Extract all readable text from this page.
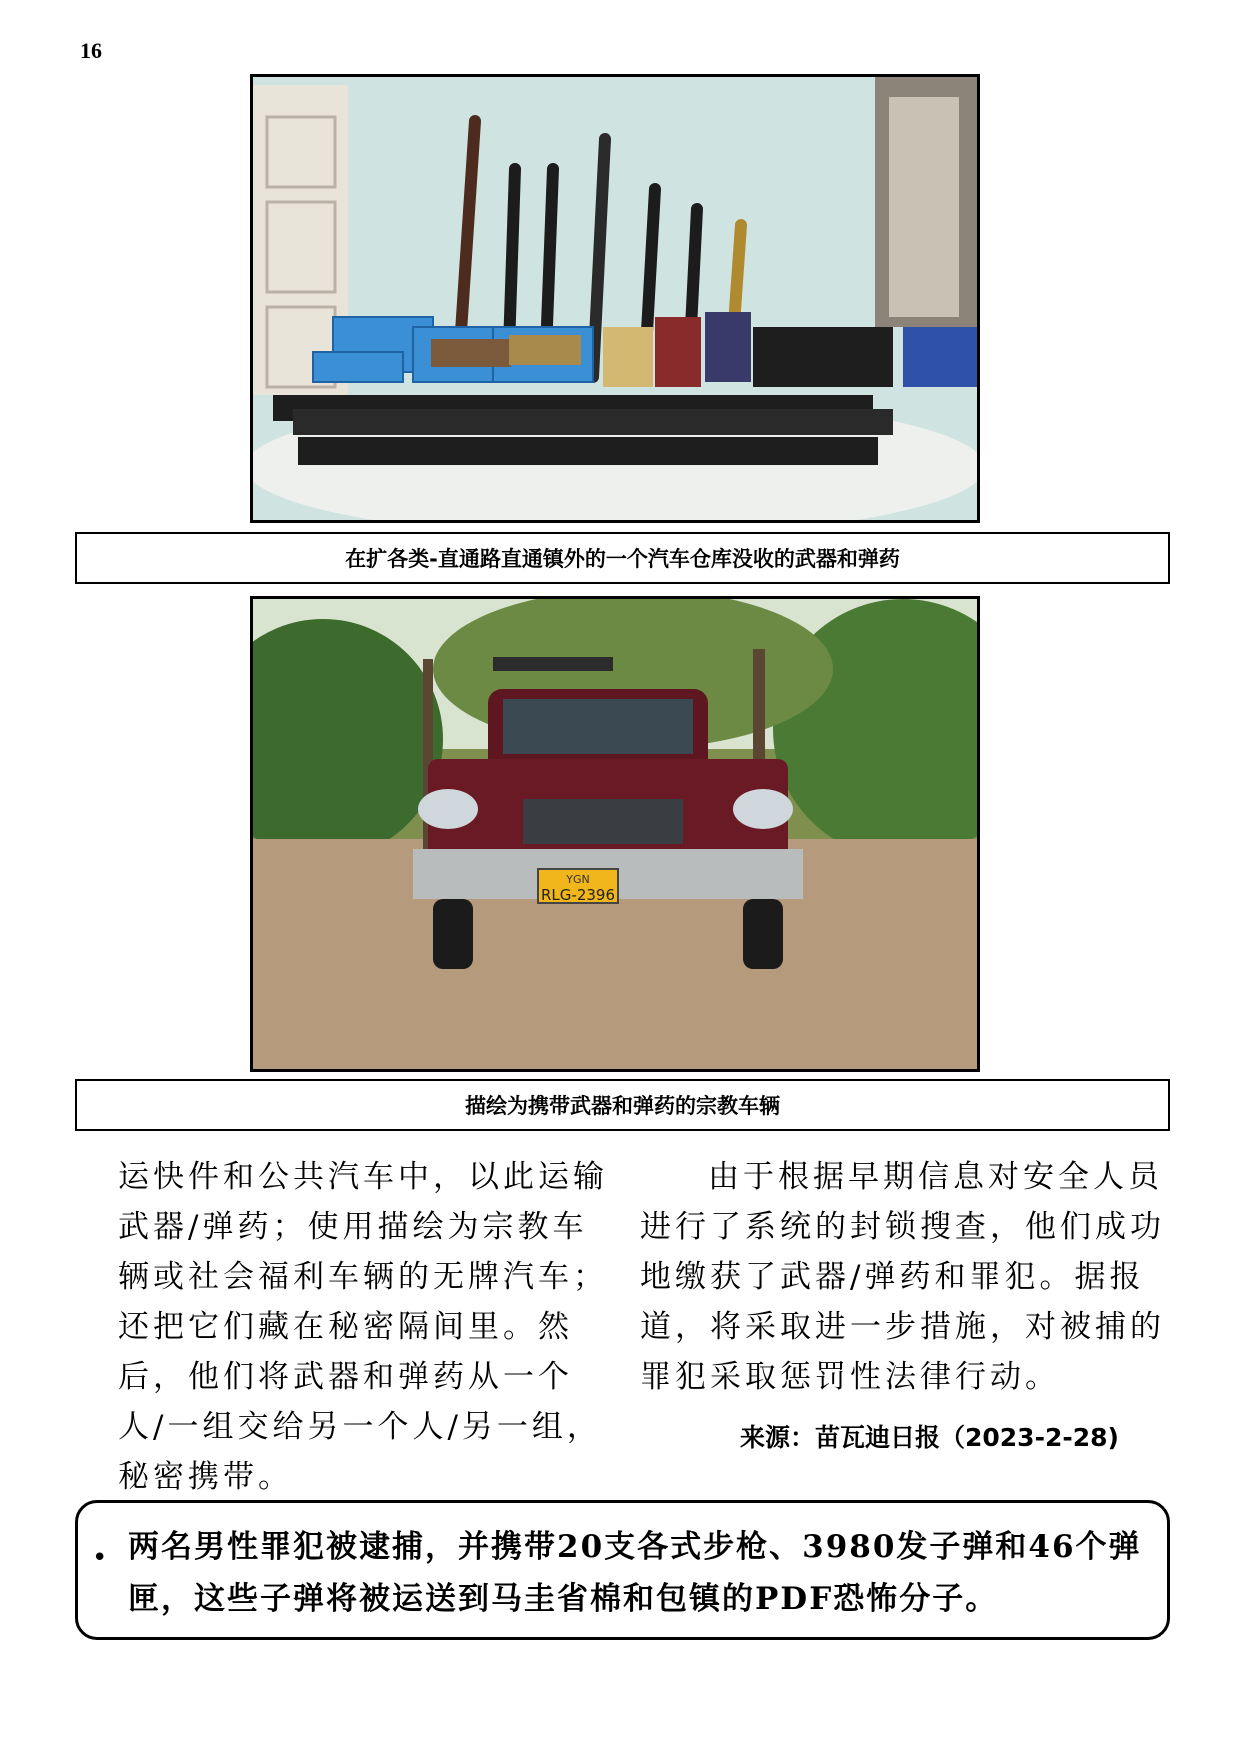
16
在扩各类-直通路直通镇外的一个汽车仓库没收的武器和弹药
YGN
RLG-2396
描绘为携带武器和弹药的宗教车辆

运快件和公共汽车中，以此运输武器/弹药；使用描绘为宗教车辆或社会福利车辆的无牌汽车；还把它们藏在秘密隔间里。然后，他们将武器和弹药从一个人/一组交给另一个人/另一组，秘密携带。

由于根据早期信息对安全人员进行了系统的封锁搜查，他们成功地缴获了武器/弹药和罪犯。据报道，将采取进一步措施，对被捕的罪犯采取惩罚性法律行动。

来源：苗瓦迪日报（2023-2-28)
• 两名男性罪犯被逮捕，并携带20支各式步枪、3980发子弹和46个弹匣，这些子弹将被运送到马圭省棉和包镇的PDF恐怖分子。
